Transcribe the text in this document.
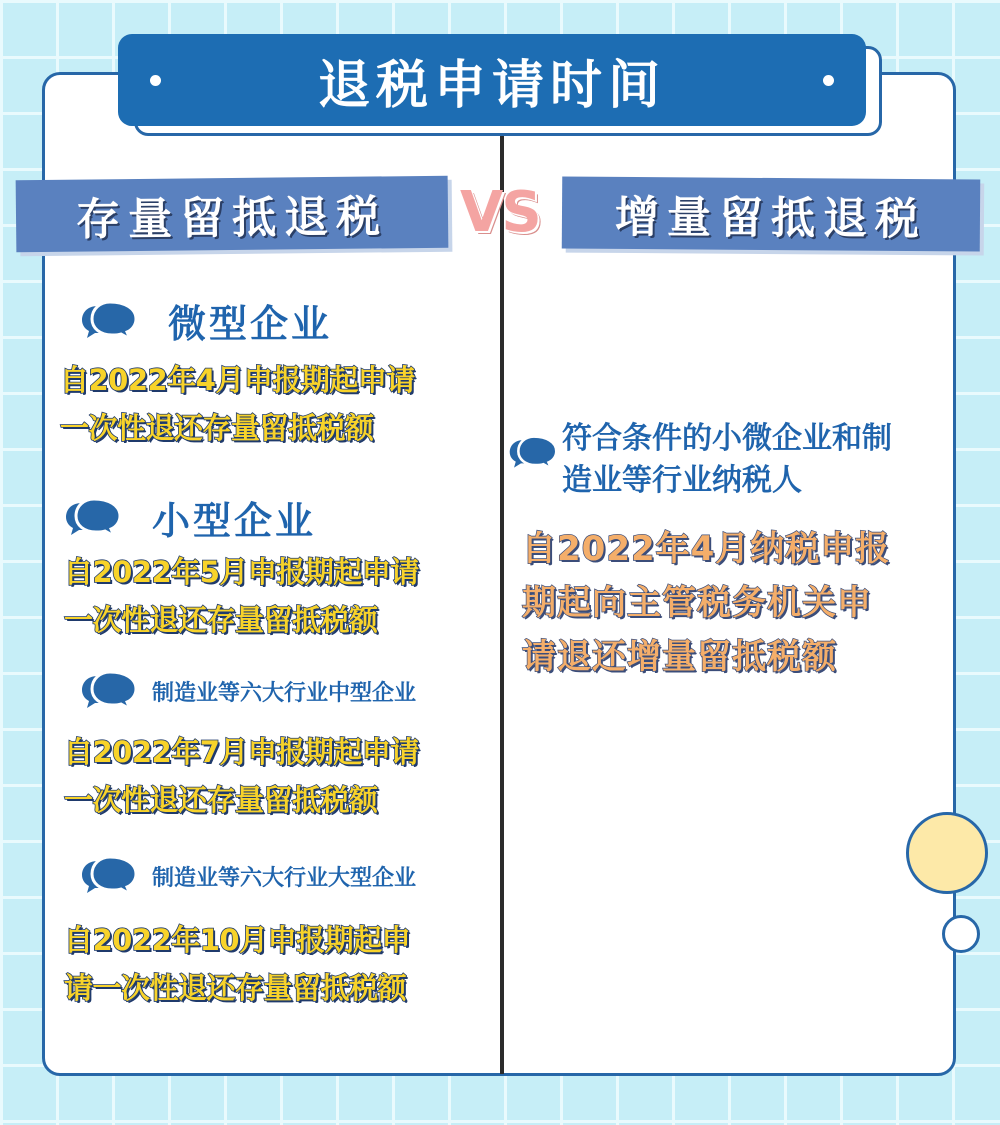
退税申请时间
存量留抵退税	VS	增量留抵退税
微型企业
自2022年4月申报期起申请
一次性退还存量留抵税额
小型企业
自2022年5月申报期起申请
一次性退还存量留抵税额
制造业等六大行业中型企业
自2022年7月申报期起申请
一次性退还存量留抵税额
制造业等六大行业大型企业
自2022年10月申报期起申
请一次性退还存量留抵税额
符合条件的小微企业和制
造业等行业纳税人
自2022年4月纳税申报
期起向主管税务机关申
请退还增量留抵税额
